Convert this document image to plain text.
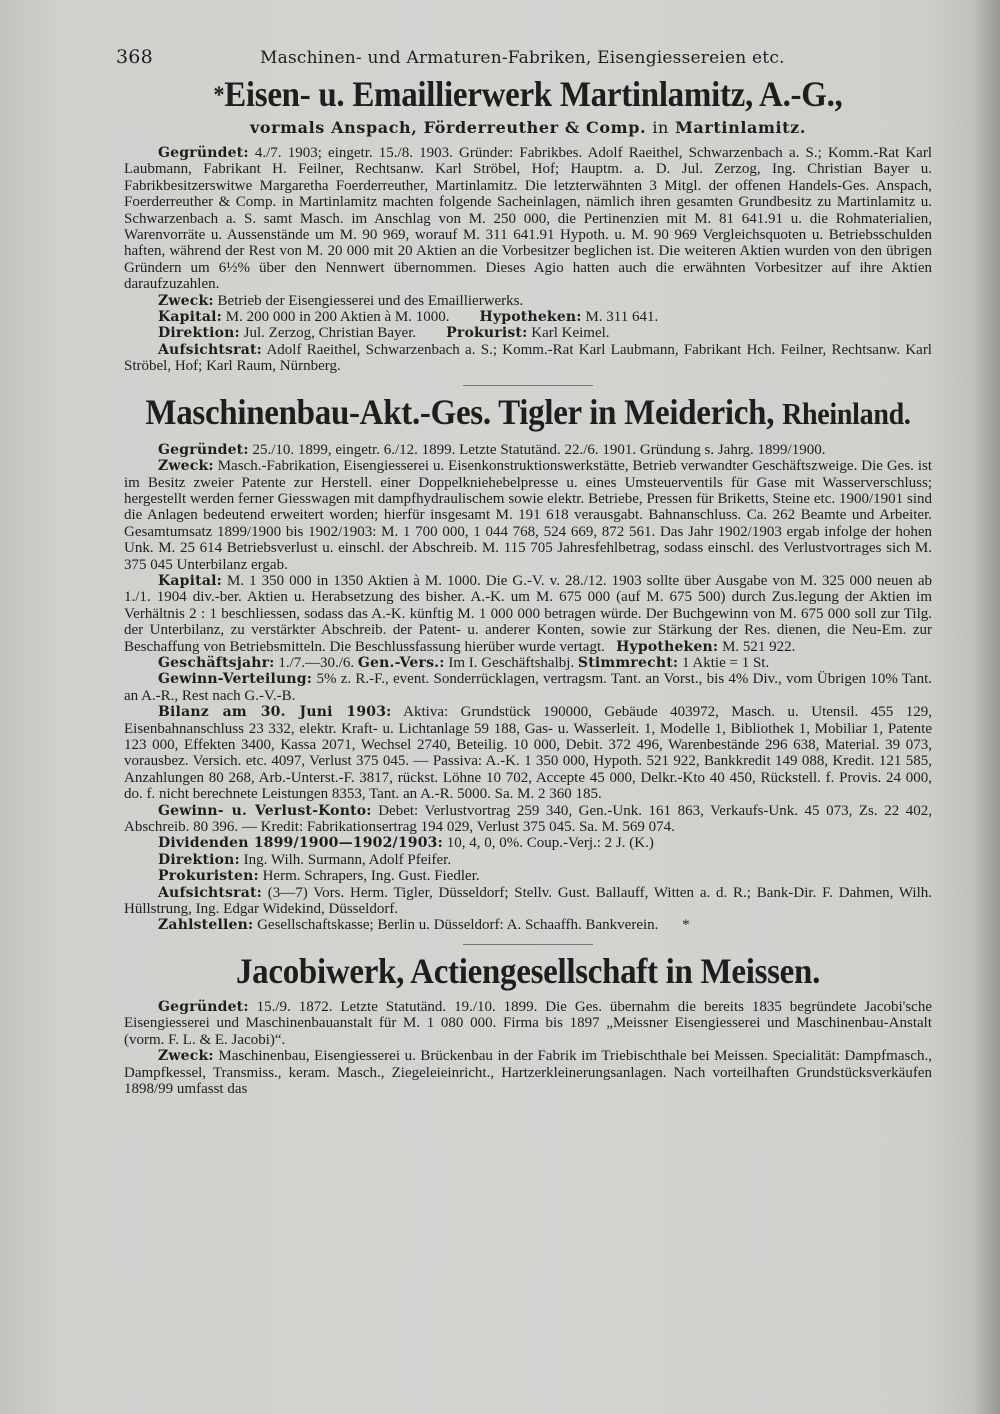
368	Maschinen- und Armaturen-Fabriken, Eisengiessereien etc.
*Eisen- u. Emaillierwerk Martinlamitz, A.-G.,
vormals Anspach, Förderreuther & Comp. in Martinlamitz.

Gegründet: 4./7. 1903; eingetr. 15./8. 1903. Gründer: Fabrikbes. Adolf Raeithel, Schwarzenbach a. S.; Komm.-Rat Karl Laubmann, Fabrikant H. Feilner, Rechtsanw. Karl Ströbel, Hof; Hauptm. a. D. Jul. Zerzog, Ing. Christian Bayer u. Fabrikbesitzerswitwe Margaretha Foerderreuther, Martinlamitz. Die letzterwähnten 3 Mitgl. der offenen Handels-Ges. Anspach, Foerderreuther & Comp. in Martinlamitz machten folgende Sacheinlagen, nämlich ihren gesamten Grundbesitz zu Martinlamitz u. Schwarzenbach a. S. samt Masch. im Anschlag von M. 250 000, die Pertinenzien mit M. 81 641.91 u. die Rohmaterialien, Warenvorräte u. Aussenstände um M. 90 969, worauf M. 311 641.91 Hypoth. u. M. 90 969 Vergleichsquoten u. Betriebsschulden haften, während der Rest von M. 20 000 mit 20 Aktien an die Vorbesitzer beglichen ist. Die weiteren Aktien wurden von den übrigen Gründern um 6½% über den Nennwert übernommen. Dieses Agio hatten auch die erwähnten Vorbesitzer auf ihre Aktien daraufzuzahlen.

Zweck: Betrieb der Eisengiesserei und des Emaillierwerks.

Kapital: M. 200 000 in 200 Aktien à M. 1000. Hypotheken: M. 311 641.

Direktion: Jul. Zerzog, Christian Bayer. Prokurist: Karl Keimel.

Aufsichtsrat: Adolf Raeithel, Schwarzenbach a. S.; Komm.-Rat Karl Laubmann, Fabrikant Hch. Feilner, Rechtsanw. Karl Ströbel, Hof; Karl Raum, Nürnberg.

Maschinenbau-Akt.-Ges. Tigler in Meiderich, Rheinland.

Gegründet: 25./10. 1899, eingetr. 6./12. 1899. Letzte Statutänd. 22./6. 1901. Gründung s. Jahrg. 1899/1900.

Zweck: Masch.-Fabrikation, Eisengiesserei u. Eisenkonstruktionswerkstätte, Betrieb verwandter Geschäftszweige. Die Ges. ist im Besitz zweier Patente zur Herstell. einer Doppelkniehebelpresse u. eines Umsteuerventils für Gase mit Wasserverschluss; hergestellt werden ferner Giesswagen mit dampfhydraulischem sowie elektr. Betriebe, Pressen für Briketts, Steine etc. 1900/1901 sind die Anlagen bedeutend erweitert worden; hierfür insgesamt M. 191 618 verausgabt. Bahnanschluss. Ca. 262 Beamte und Arbeiter. Gesamtumsatz 1899/1900 bis 1902/1903: M. 1 700 000, 1 044 768, 524 669, 872 561. Das Jahr 1902/1903 ergab infolge der hohen Unk. M. 25 614 Betriebsverlust u. einschl. der Abschreib. M. 115 705 Jahresfehlbetrag, sodass einschl. des Verlustvortrages sich M. 375 045 Unterbilanz ergab.

Kapital: M. 1 350 000 in 1350 Aktien à M. 1000. Die G.-V. v. 28./12. 1903 sollte über Ausgabe von M. 325 000 neuen ab 1./1. 1904 div.-ber. Aktien u. Herabsetzung des bisher. A.-K. um M. 675 000 (auf M. 675 500) durch Zus.legung der Aktien im Verhältnis 2 : 1 beschliessen, sodass das A.-K. künftig M. 1 000 000 betragen würde. Der Buchgewinn von M. 675 000 soll zur Tilg. der Unterbilanz, zu verstärkter Abschreib. der Patent- u. anderer Konten, sowie zur Stärkung der Res. dienen, die Neu-Em. zur Beschaffung von Betriebsmitteln. Die Beschlussfassung hierüber wurde vertagt. Hypotheken: M. 521 922.

Geschäftsjahr: 1./7.—30./6. Gen.-Vers.: Im I. Geschäftshalbj. Stimmrecht: 1 Aktie = 1 St.

Gewinn-Verteilung: 5% z. R.-F., event. Sonderrücklagen, vertragsm. Tant. an Vorst., bis 4% Div., vom Übrigen 10% Tant. an A.-R., Rest nach G.-V.-B.

Bilanz am 30. Juni 1903: Aktiva: Grundstück 190000, Gebäude 403972, Masch. u. Utensil. 455 129, Eisenbahnanschluss 23 332, elektr. Kraft- u. Lichtanlage 59 188, Gas- u. Wasserleit. 1, Modelle 1, Bibliothek 1, Mobiliar 1, Patente 123 000, Effekten 3400, Kassa 2071, Wechsel 2740, Beteilig. 10 000, Debit. 372 496, Warenbestände 296 638, Material. 39 073, vorausbez. Versich. etc. 4097, Verlust 375 045. — Passiva: A.-K. 1 350 000, Hypoth. 521 922, Bankkredit 149 088, Kredit. 121 585, Anzahlungen 80 268, Arb.-Unterst.-F. 3817, rückst. Löhne 10 702, Accepte 45 000, Delkr.-Kto 40 450, Rückstell. f. Provis. 24 000, do. f. nicht berechnete Leistungen 8353, Tant. an A.-R. 5000. Sa. M. 2 360 185.

Gewinn- u. Verlust-Konto: Debet: Verlustvortrag 259 340, Gen.-Unk. 161 863, Verkaufs-Unk. 45 073, Zs. 22 402, Abschreib. 80 396. — Kredit: Fabrikationsertrag 194 029, Verlust 375 045. Sa. M. 569 074.

Dividenden 1899/1900—1902/1903: 10, 4, 0, 0%. Coup.-Verj.: 2 J. (K.)

Direktion: Ing. Wilh. Surmann, Adolf Pfeifer.

Prokuristen: Herm. Schrapers, Ing. Gust. Fiedler.

Aufsichtsrat: (3—7) Vors. Herm. Tigler, Düsseldorf; Stellv. Gust. Ballauff, Witten a. d. R.; Bank-Dir. F. Dahmen, Wilh. Hüllstrung, Ing. Edgar Widekind, Düsseldorf.

Zahlstellen: Gesellschaftskasse; Berlin u. Düsseldorf: A. Schaaffh. Bankverein. *

Jacobiwerk, Actiengesellschaft in Meissen.

Gegründet: 15./9. 1872. Letzte Statutänd. 19./10. 1899. Die Ges. übernahm die bereits 1835 begründete Jacobi'sche Eisengiesserei und Maschinenbauanstalt für M. 1 080 000. Firma bis 1897 „Meissner Eisengiesserei und Maschinenbau-Anstalt (vorm. F. L. & E. Jacobi)“.

Zweck: Maschinenbau, Eisengiesserei u. Brückenbau in der Fabrik im Triebischthale bei Meissen. Specialität: Dampfmasch., Dampfkessel, Transmiss., keram. Masch., Ziegeleieinricht., Hartzerkleinerungsanlagen. Nach vorteilhaften Grundstücksverkäufen 1898/99 umfasst das
